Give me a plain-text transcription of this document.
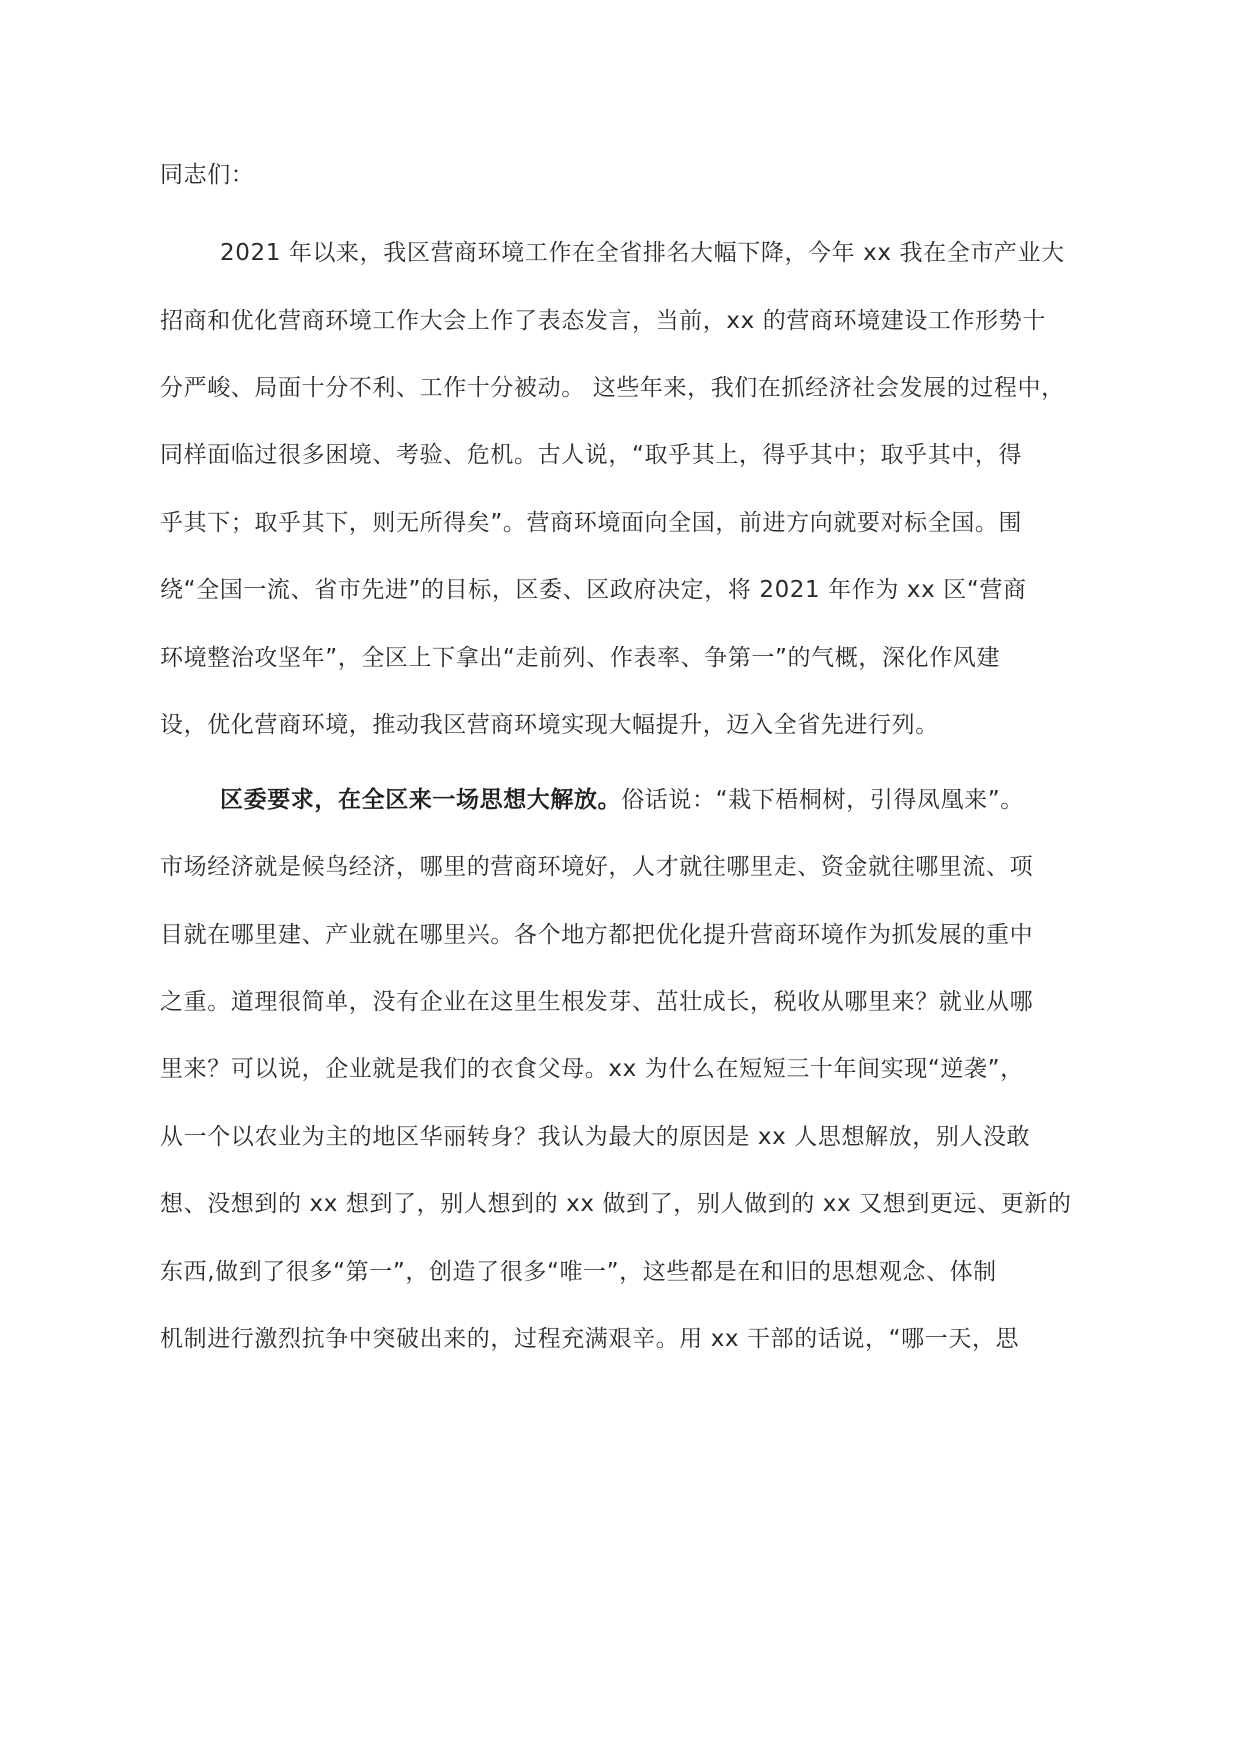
同志们：

2021 年以来，我区营商环境工作在全省排名大幅下降，今年 xx 我在全市产业大

招商和优化营商环境工作大会上作了表态发言，当前，xx 的营商环境建设工作形势十

分严峻、局面十分不利、工作十分被动。 这些年来，我们在抓经济社会发展的过程中，

同样面临过很多困境、考验、危机。古人说，“取乎其上，得乎其中；取乎其中，得

乎其下；取乎其下，则无所得矣”。营商环境面向全国，前进方向就要对标全国。围

绕“全国一流、省市先进”的目标，区委、区政府决定，将 2021 年作为 xx 区“营商

环境整治攻坚年”，全区上下拿出“走前列、作表率、争第一”的气概，深化作风建

设，优化营商环境，推动我区营商环境实现大幅提升，迈入全省先进行列。

区委要求，在全区来一场思想大解放。俗话说：“栽下梧桐树，引得凤凰来”。

市场经济就是候鸟经济，哪里的营商环境好，人才就往哪里走、资金就往哪里流、项

目就在哪里建、产业就在哪里兴。各个地方都把优化提升营商环境作为抓发展的重中

之重。道理很简单，没有企业在这里生根发芽、茁壮成长，税收从哪里来？就业从哪

里来？可以说，企业就是我们的衣食父母。xx 为什么在短短三十年间实现“逆袭”，

从一个以农业为主的地区华丽转身？我认为最大的原因是 xx 人思想解放，别人没敢

想、没想到的 xx 想到了，别人想到的 xx 做到了，别人做到的 xx 又想到更远、更新的

东西,做到了很多“第一”，创造了很多“唯一”，这些都是在和旧的思想观念、体制

机制进行激烈抗争中突破出来的，过程充满艰辛。用 xx 干部的话说，“哪一天，思
